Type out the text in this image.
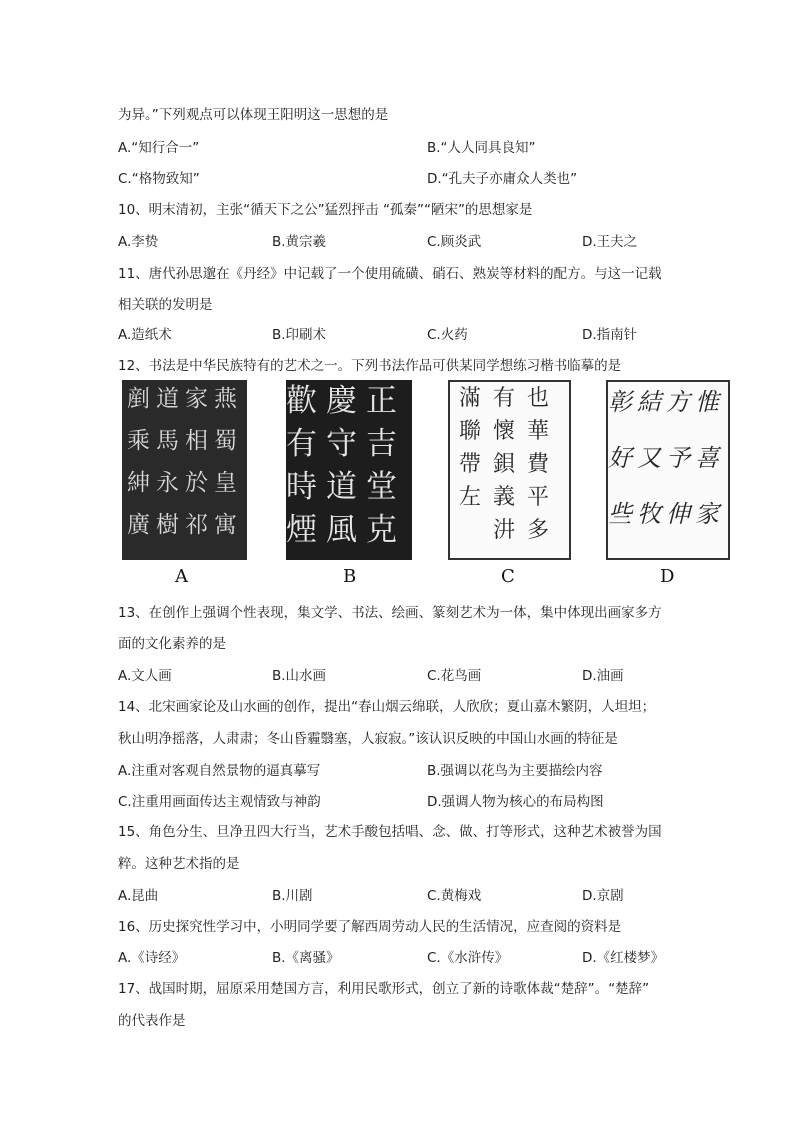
为异。”下列观点可以体现王阳明这一思想的是
A.“知行合一”	B.“人人同具良知”
C.“格物致知”	D.“孔夫子亦庸众人类也”
10、明末清初，主张“循天下之公”猛烈抨击 “孤秦”“陋宋”的思想家是
A.李贽	B.黄宗羲	C.顾炎武	D.王夫之
11、唐代孙思邈在《丹经》中记载了一个使用硫磺、硝石、熟炭等材料的配方。与这一记载
相关联的发明是
A.造纸术	B.印刷术	C.火药	D.指南针
12、书法是中华民族特有的艺术之一。下列书法作品可供某同学想练习楷书临摹的是
燕
蜀
皇
寓
家
相
於
祁
道
馬
永
樹
剷
乘
紳
廣
正
吉
堂
克
慶
守
道
風
歡
有
時
煙
也
華
費
平
多
有
懷
鋇
義
汫
滿
聯
帶
左
惟
喜
家
方
予
伸
結
又
牧
彰
好
些
A	B	C	D
13、在创作上强调个性表现，集文学、书法、绘画、篆刻艺术为一体，集中体现出画家多方
面的文化素养的是
A.文人画	B.山水画	C.花鸟画	D.油画
14、北宋画家论及山水画的创作，提出“春山烟云绵联，人欣欣；夏山嘉木繁阴，人坦坦；
秋山明净摇落，人肃肃；冬山昏霾翳塞，人寂寂。”该认识反映的中国山水画的特征是
A.注重对客观自然景物的逼真摹写	B.强调以花鸟为主要描绘内容
C.注重用画面传达主观情致与神韵	D.强调人物为核心的布局构图
15、角色分生、旦净丑四大行当，艺术手酸包括唱、念、做、打等形式，这种艺术被誉为国
粹。这种艺术指的是
A.昆曲	B.川剧	C.黄梅戏	D.京剧
16、历史探究性学习中，小明同学要了解西周劳动人民的生活情况，应查阅的资料是
A.《诗经》	B.《离骚》	C.《水浒传》	D.《红楼梦》
17、战国时期，屈原采用楚国方言，利用民歌形式，创立了新的诗歌体裁“楚辞”。“楚辞”
的代表作是
